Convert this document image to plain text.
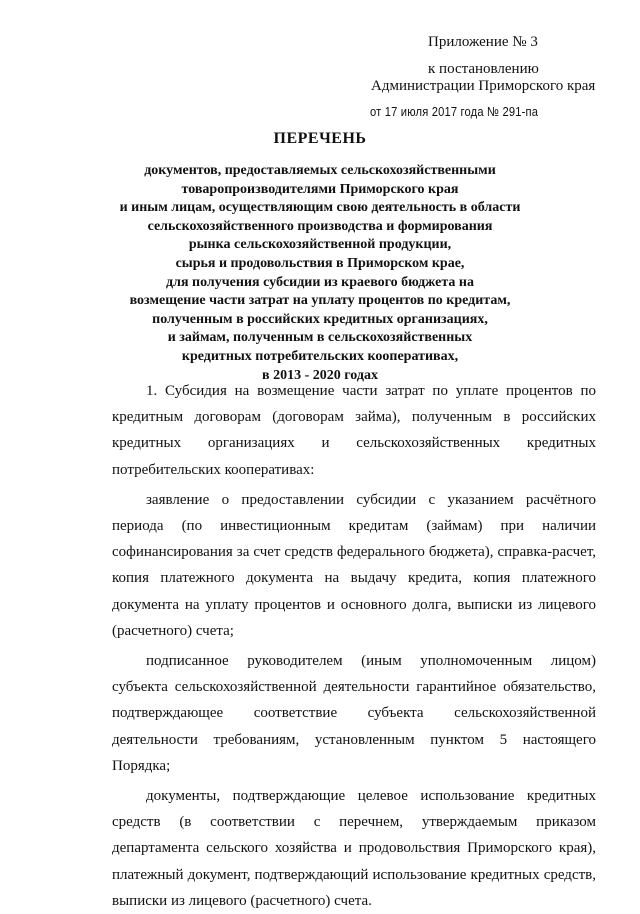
Приложение № 3
к постановлению
Администрации Приморского края
от 17 июля 2017 года № 291-па
ПЕРЕЧЕНЬ
документов, предоставляемых сельскохозяйственными
товаропроизводителями Приморского края
и иным лицам, осуществляющим свою деятельность в области
сельскохозяйственного производства и формирования
рынка сельскохозяйственной продукции,
сырья и продовольствия в Приморском крае,
для получения субсидии из краевого бюджета на
возмещение части затрат на уплату процентов по кредитам,
полученным в российских кредитных организациях,
и займам, полученным в сельскохозяйственных
кредитных потребительских кооперативах,
в 2013 - 2020 годах

1. Субсидия на возмещение части затрат по уплате процентов по кредитным договорам (договорам займа), полученным в российских кредитных организациях и сельскохозяйственных кредитных потребительских кооперативах:

заявление о предоставлении субсидии с указанием расчётного периода (по инвестиционным кредитам (займам) при наличии софинансирования за счет средств федерального бюджета), справка-расчет, копия платежного документа на выдачу кредита, копия платежного документа на уплату процентов и основного долга, выписки из лицевого (расчетного) счета;

подписанное руководителем (иным уполномоченным лицом) субъекта сельскохозяйственной деятельности гарантийное обязательство, подтверждающее соответствие субъекта сельскохозяйственной деятельности требованиям, установленным пунктом 5 настоящего Порядка;

документы, подтверждающие целевое использование кредитных средств (в соответствии с перечнем, утверждаемым приказом департамента сельского хозяйства и продовольствия Приморского края), платежный документ, подтверждающий использование кредитных средств, выписки из лицевого (расчетного) счета.
